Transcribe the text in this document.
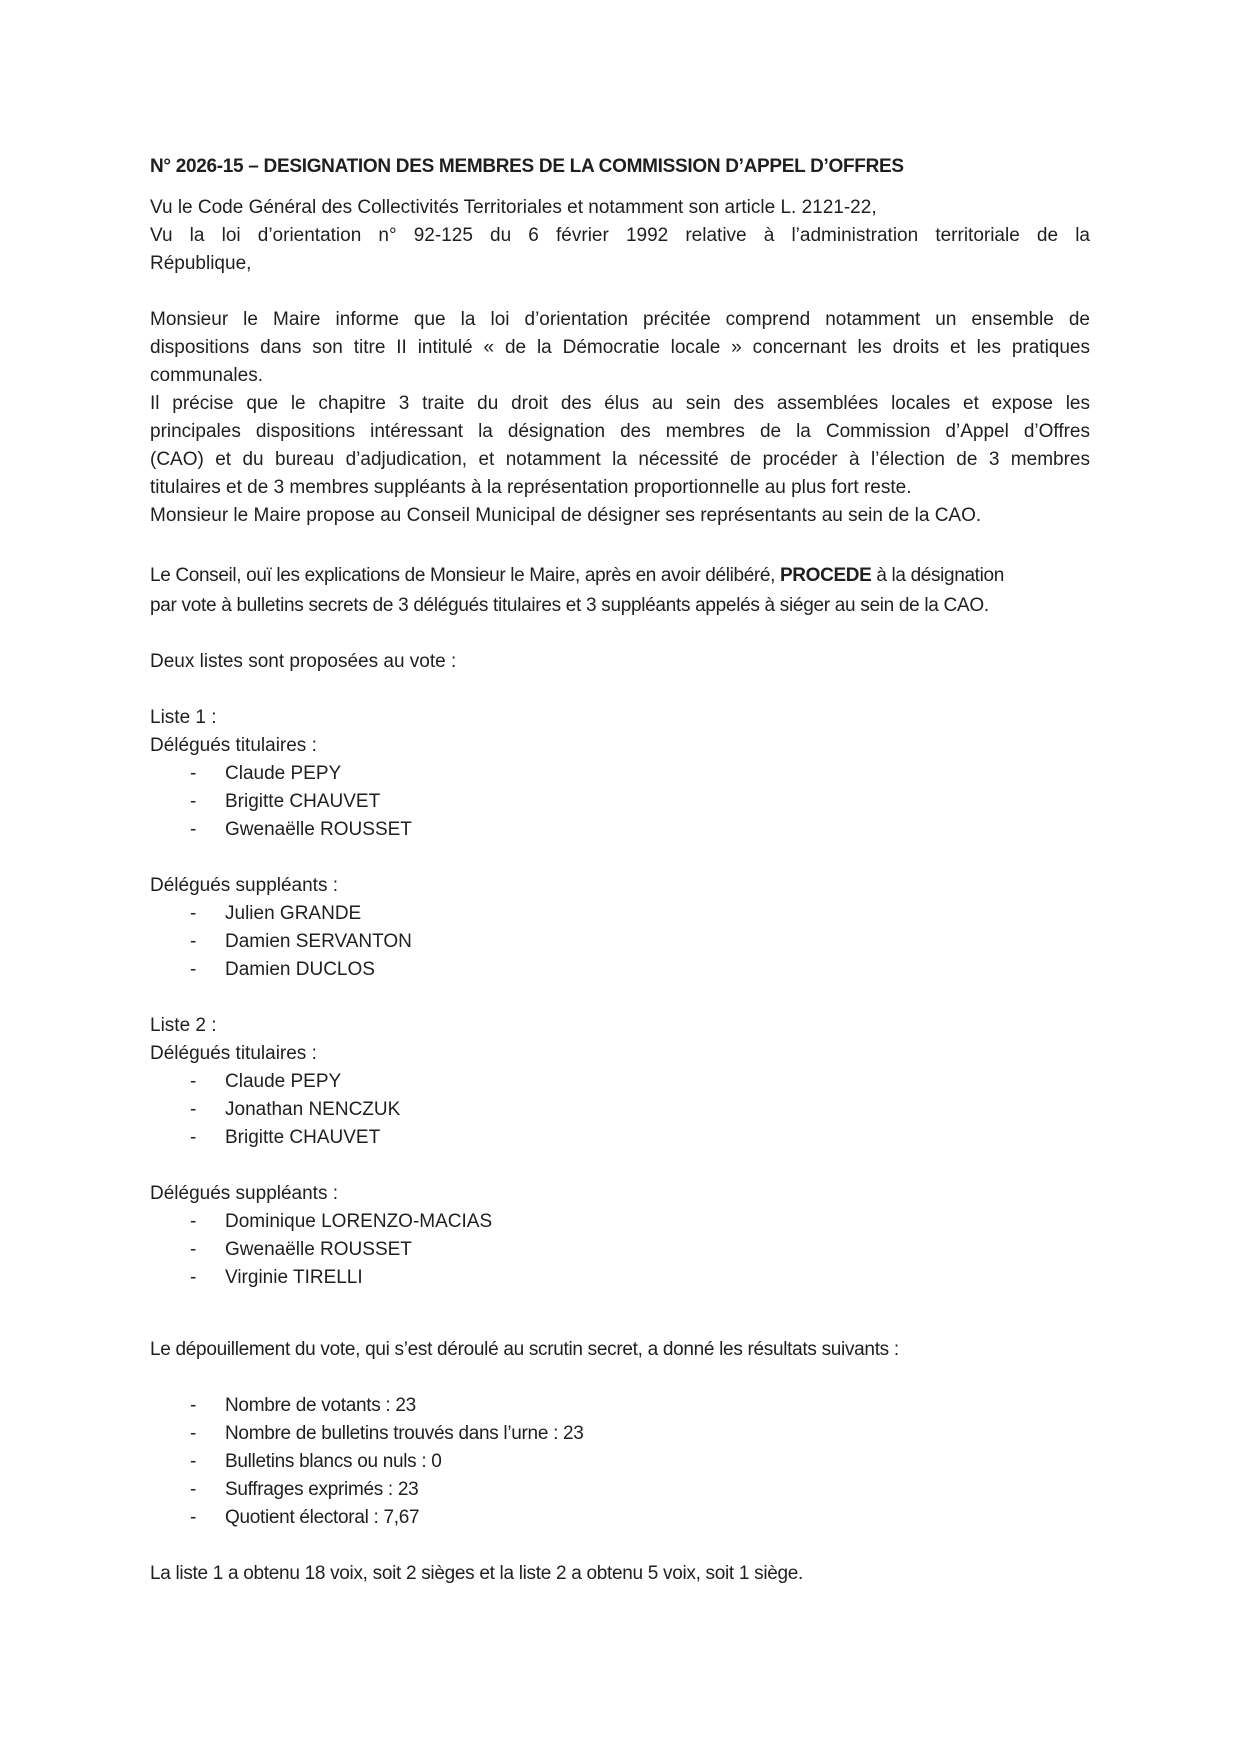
N° 2026-15 – DESIGNATION DES MEMBRES DE LA COMMISSION D’APPEL D’OFFRES
Vu le Code Général des Collectivités Territoriales et notamment son article L. 2121-22,
Vu la loi d’orientation n° 92-125 du 6 février 1992 relative à l’administration territoriale de la
République,
Monsieur le Maire informe que la loi d’orientation précitée comprend notamment un ensemble de
dispositions dans son titre II intitulé « de la Démocratie locale » concernant les droits et les pratiques
communales.
Il précise que le chapitre 3 traite du droit des élus au sein des assemblées locales et expose les
principales dispositions intéressant la désignation des membres de la Commission d’Appel d’Offres
(CAO) et du bureau d’adjudication, et notamment la nécessité de procéder à l’élection de 3 membres
titulaires et de 3 membres suppléants à la représentation proportionnelle au plus fort reste.
Monsieur le Maire propose au Conseil Municipal de désigner ses représentants au sein de la CAO.
Le Conseil, ouï les explications de Monsieur le Maire, après en avoir délibéré, PROCEDE à la désignation
par vote à bulletins secrets de 3 délégués titulaires et 3 suppléants appelés à siéger au sein de la CAO.
Deux listes sont proposées au vote :
Liste 1 :
Délégués titulaires :
- Claude PEPY
- Brigitte CHAUVET
- Gwenaëlle ROUSSET
Délégués suppléants :
- Julien GRANDE
- Damien SERVANTON
- Damien DUCLOS
Liste 2 :
Délégués titulaires :
- Claude PEPY
- Jonathan NENCZUK
- Brigitte CHAUVET
Délégués suppléants :
- Dominique LORENZO-MACIAS
- Gwenaëlle ROUSSET
- Virginie TIRELLI
Le dépouillement du vote, qui s’est déroulé au scrutin secret, a donné les résultats suivants :
- Nombre de votants : 23
- Nombre de bulletins trouvés dans l’urne : 23
- Bulletins blancs ou nuls : 0
- Suffrages exprimés : 23
- Quotient électoral : 7,67
La liste 1 a obtenu 18 voix, soit 2 sièges et la liste 2 a obtenu 5 voix, soit 1 siège.
